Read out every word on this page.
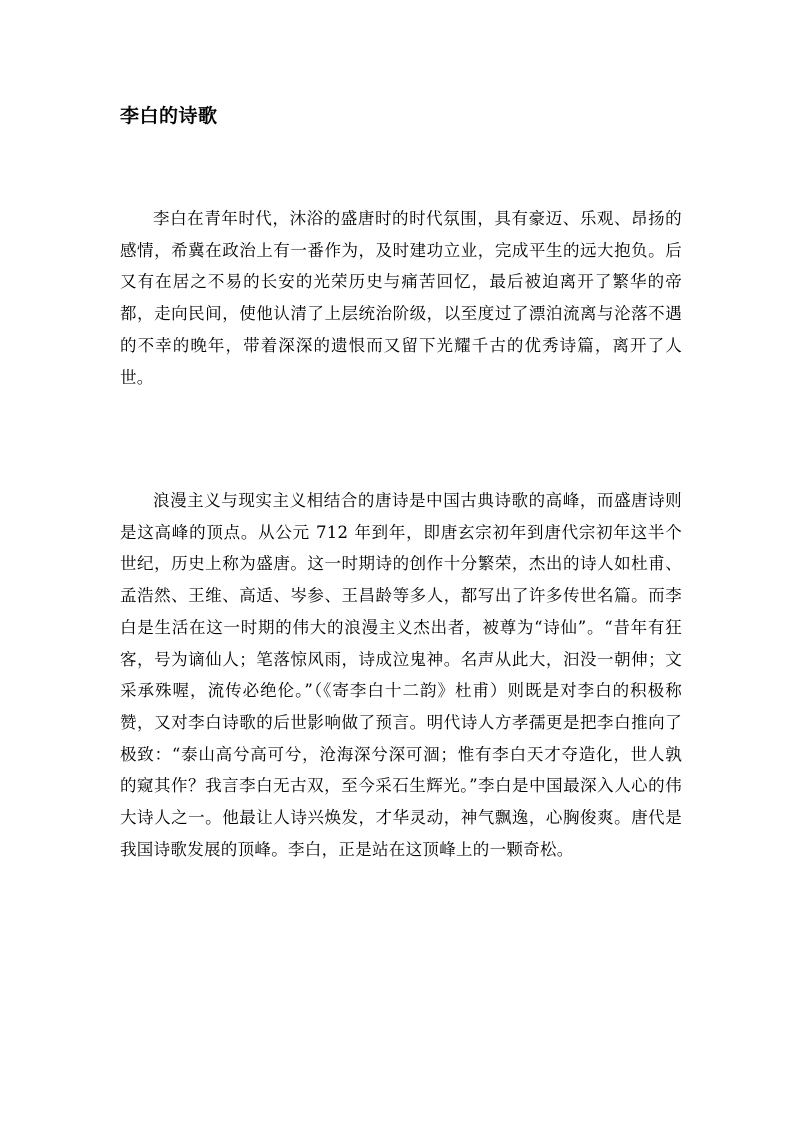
李白的诗歌

李白在青年时代，沐浴的盛唐时的时代氛围，具有豪迈、乐观、昂扬的感情，希冀在政治上有一番作为，及时建功立业，完成平生的远大抱负。后又有在居之不易的长安的光荣历史与痛苦回忆，最后被迫离开了繁华的帝都，走向民间，使他认清了上层统治阶级，以至度过了漂泊流离与沦落不遇的不幸的晚年，带着深深的遗恨而又留下光耀千古的优秀诗篇，离开了人世。

浪漫主义与现实主义相结合的唐诗是中国古典诗歌的高峰，而盛唐诗则是这高峰的顶点。从公元 712 年到年，即唐玄宗初年到唐代宗初年这半个世纪，历史上称为盛唐。这一时期诗的创作十分繁荣，杰出的诗人如杜甫、孟浩然、王维、高适、岑参、王昌龄等多人，都写出了许多传世名篇。而李白是生活在这一时期的伟大的浪漫主义杰出者，被尊为“诗仙”。“昔年有狂客，号为谪仙人；笔落惊风雨，诗成泣鬼神。名声从此大，汩没一朝伸；文采承殊喔，流传必绝伦。”（《寄李白十二韵》杜甫）则既是对李白的积极称赞，又对李白诗歌的后世影响做了预言。明代诗人方孝孺更是把李白推向了极致：“泰山高兮高可兮，沧海深兮深可涸；惟有李白天才夺造化，世人孰的窥其作？我言李白无古双，至今采石生辉光。”李白是中国最深入人心的伟大诗人之一。他最让人诗兴焕发，才华灵动，神气飘逸，心胸俊爽。唐代是我国诗歌发展的顶峰。李白，正是站在这顶峰上的一颗奇松。
